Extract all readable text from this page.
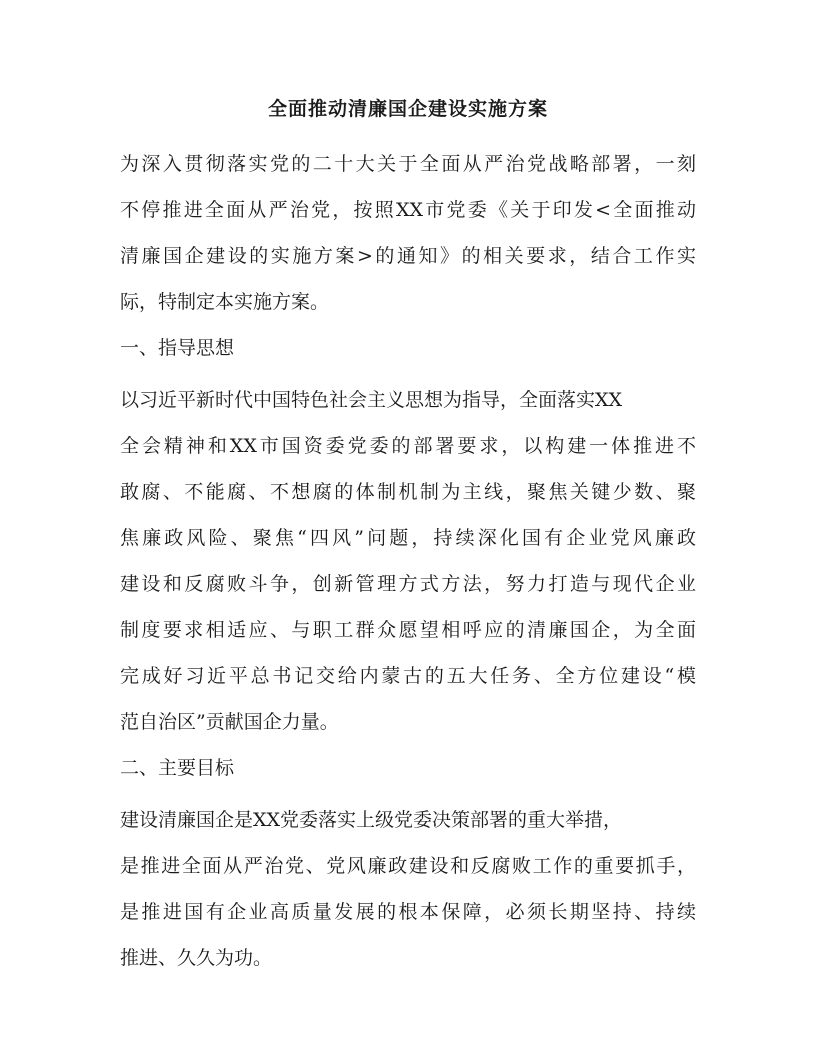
全面推动清廉国企建设实施方案
为深入贯彻落实党的二十大关于全面从严治党战略部署，一刻
不停推进全面从严治党，按照XX市党委《关于印发<全面推动
清廉国企建设的实施方案>的通知》的相关要求，结合工作实
际，特制定本实施方案。
一、指导思想
以习近平新时代中国特色社会主义思想为指导，全面落实XX
全会精神和XX市国资委党委的部署要求，以构建一体推进不
敢腐、不能腐、不想腐的体制机制为主线，聚焦关键少数、聚
焦廉政风险、聚焦“四风”问题，持续深化国有企业党风廉政
建设和反腐败斗争，创新管理方式方法，努力打造与现代企业
制度要求相适应、与职工群众愿望相呼应的清廉国企，为全面
完成好习近平总书记交给内蒙古的五大任务、全方位建设“模
范自治区”贡献国企力量。
二、主要目标
建设清廉国企是XX党委落实上级党委决策部署的重大举措，
是推进全面从严治党、党风廉政建设和反腐败工作的重要抓手，
是推进国有企业高质量发展的根本保障，必须长期坚持、持续
推进、久久为功。
